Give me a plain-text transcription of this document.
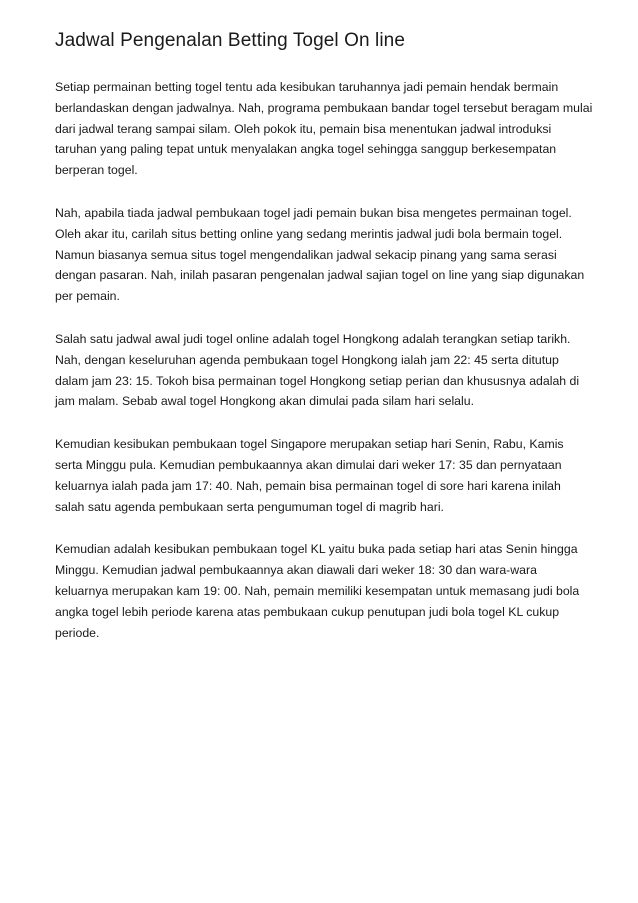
Jadwal Pengenalan Betting Togel On line

Setiap permainan betting togel tentu ada kesibukan taruhannya jadi pemain hendak bermain berlandaskan dengan jadwalnya. Nah, programa pembukaan bandar togel tersebut beragam mulai dari jadwal terang sampai silam. Oleh pokok itu, pemain bisa menentukan jadwal introduksi taruhan yang paling tepat untuk menyalakan angka togel sehingga sanggup berkesempatan berperan togel.

Nah, apabila tiada jadwal pembukaan togel jadi pemain bukan bisa mengetes permainan togel. Oleh akar itu, carilah situs betting online yang sedang merintis jadwal judi bola bermain togel. Namun biasanya semua situs togel mengendalikan jadwal sekacip pinang yang sama serasi dengan pasaran. Nah, inilah pasaran pengenalan jadwal sajian togel on line yang siap digunakan per pemain.

Salah satu jadwal awal judi togel online adalah togel Hongkong adalah terangkan setiap tarikh. Nah, dengan keseluruhan agenda pembukaan togel Hongkong ialah jam 22: 45 serta ditutup dalam jam 23: 15. Tokoh bisa permainan togel Hongkong setiap perian dan khususnya adalah di jam malam. Sebab awal togel Hongkong akan dimulai pada silam hari selalu.

Kemudian kesibukan pembukaan togel Singapore merupakan setiap hari Senin, Rabu, Kamis serta Minggu pula. Kemudian pembukaannya akan dimulai dari weker 17: 35 dan pernyataan keluarnya ialah pada jam 17: 40. Nah, pemain bisa permainan togel di sore hari karena inilah salah satu agenda pembukaan serta pengumuman togel di magrib hari.

Kemudian adalah kesibukan pembukaan togel KL yaitu buka pada setiap hari atas Senin hingga Minggu. Kemudian jadwal pembukaannya akan diawali dari weker 18: 30 dan wara-wara keluarnya merupakan kam 19: 00. Nah, pemain memiliki kesempatan untuk memasang judi bola angka togel lebih periode karena atas pembukaan cukup penutupan judi bola togel KL cukup periode.
